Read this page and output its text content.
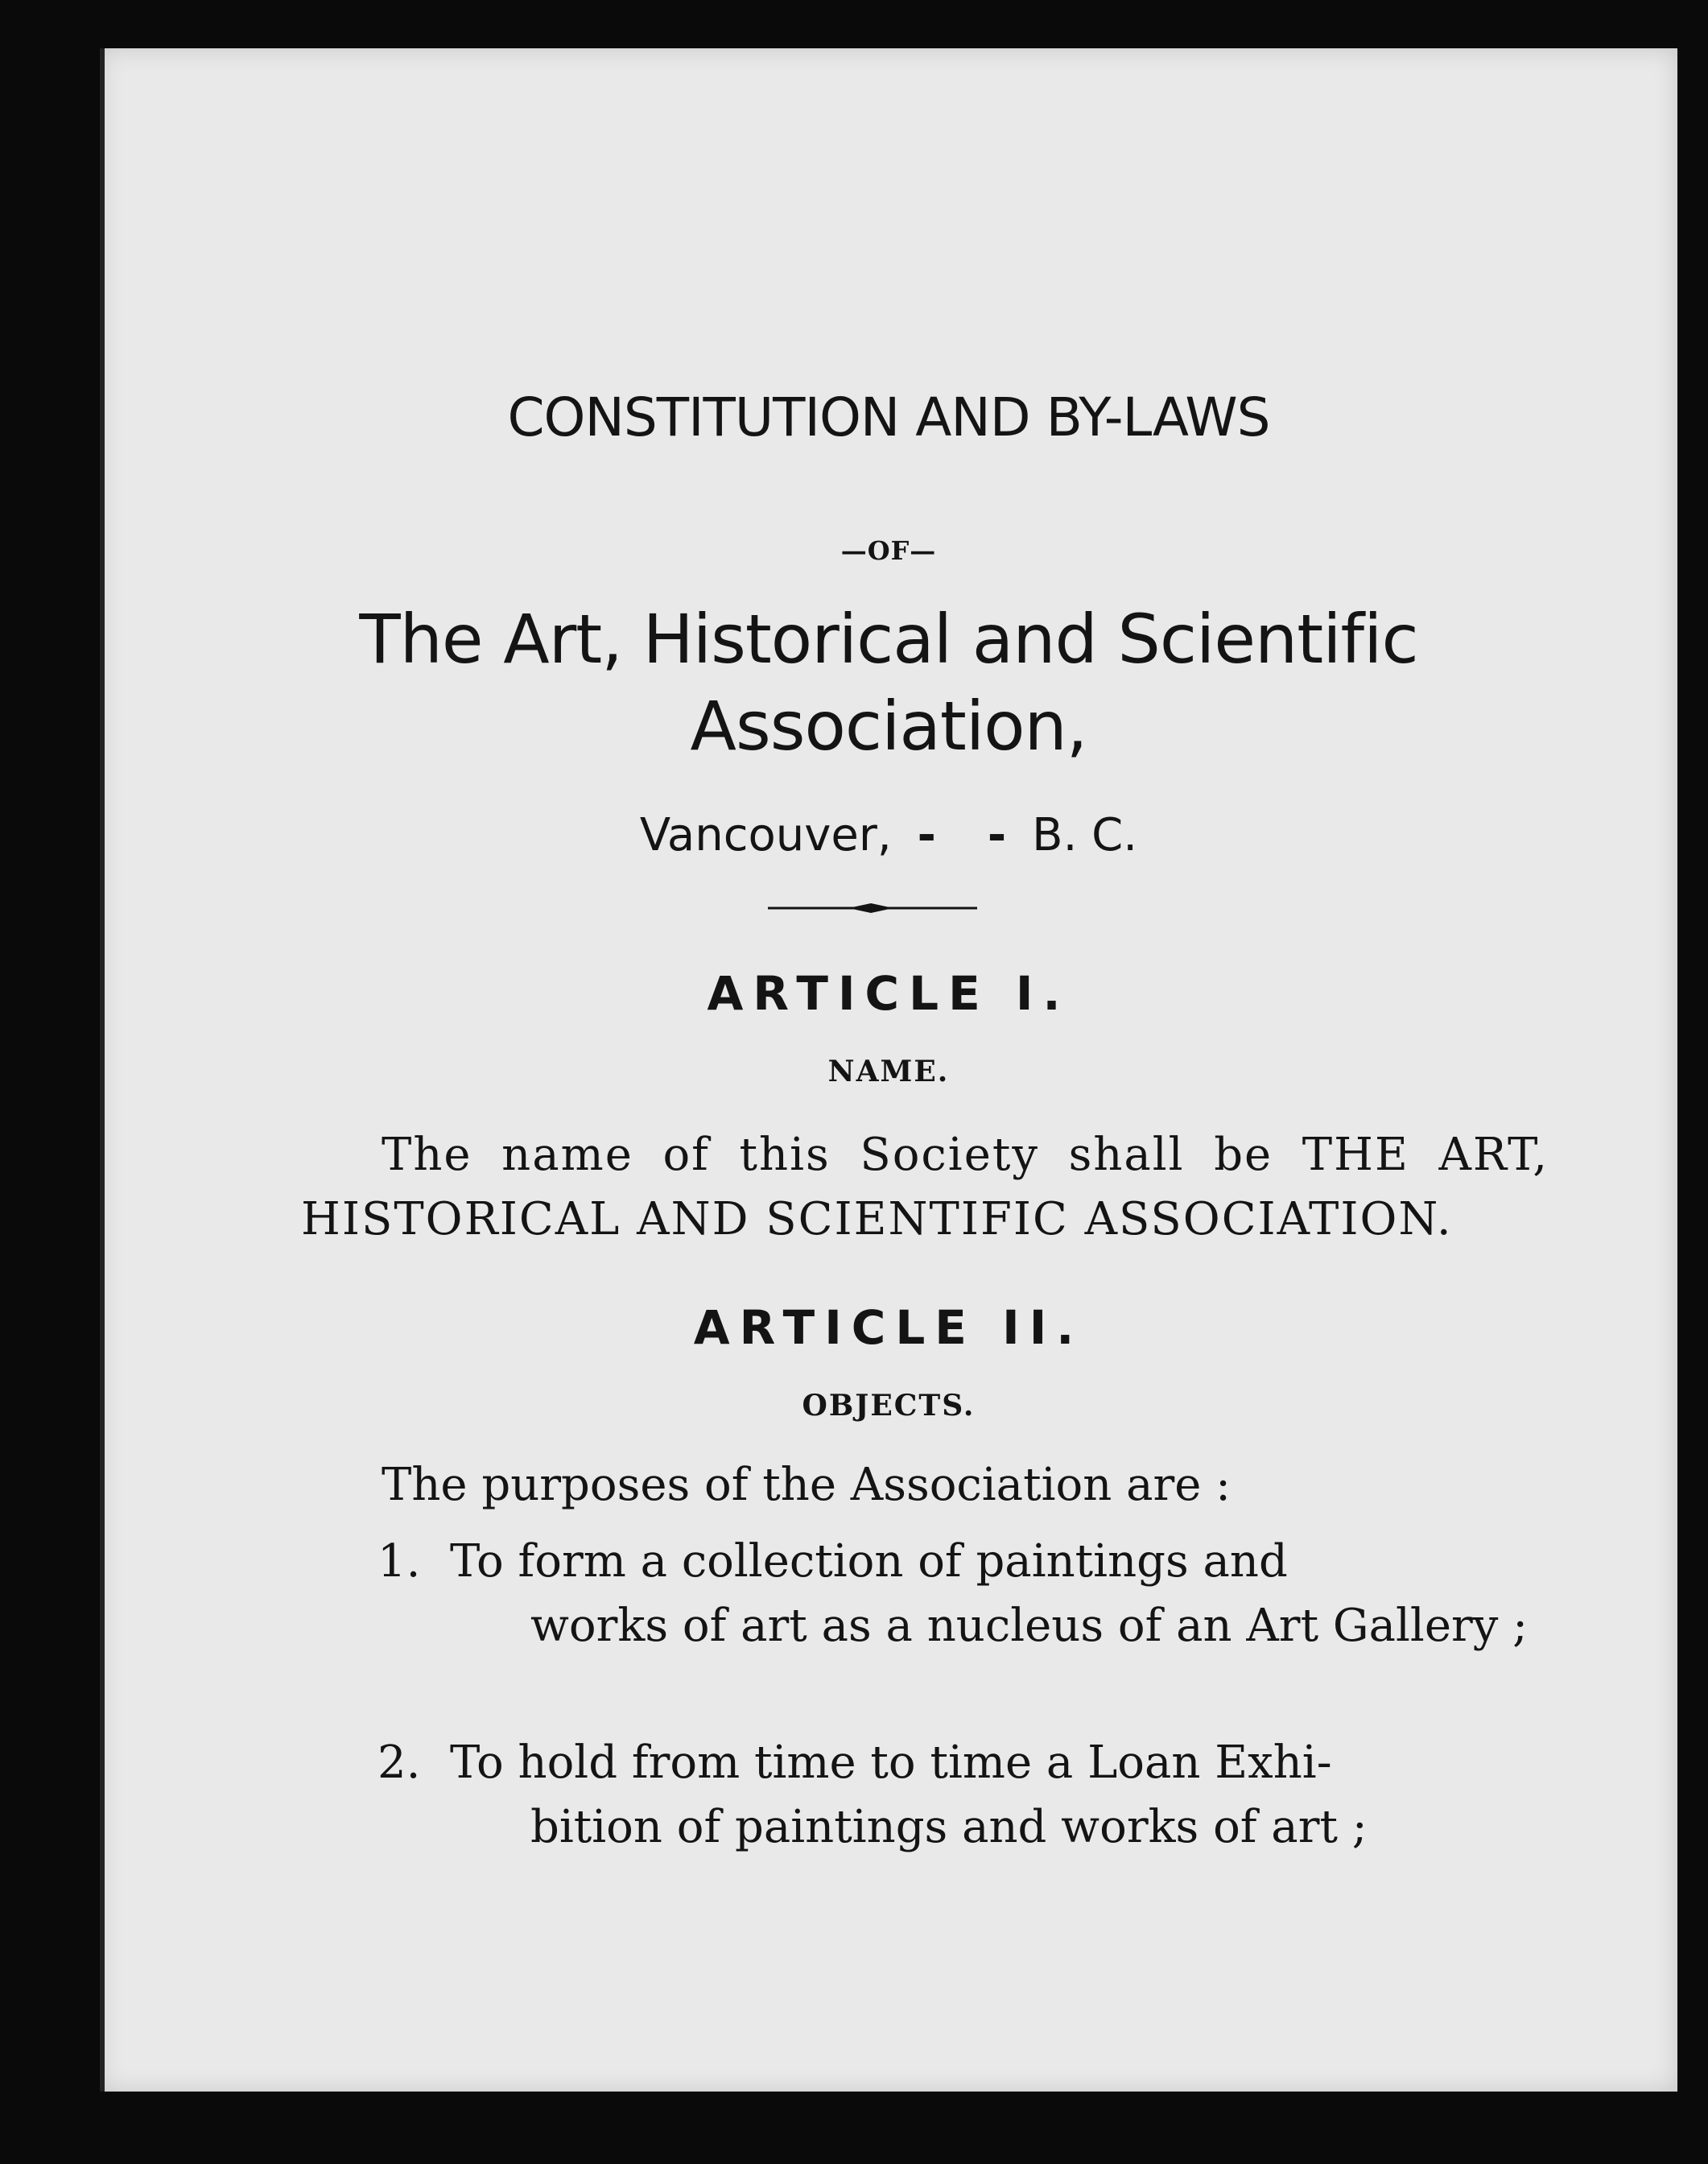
CONSTITUTION AND BY-LAWS
—OF—
The Art, Historical and Scientific
Association,
Vancouver, - - B. C.
ARTICLE I.
NAME.
The name of this Society shall be THE ART, HISTORICAL AND SCIENTIFIC ASSOCIATION.
ARTICLE II.
OBJECTS.
The purposes of the Association are :
1. To form a collection of paintings and
works of art as a nucleus of an Art Gallery ;
2. To hold from time to time a Loan Exhi-
bition of paintings and works of art ;
